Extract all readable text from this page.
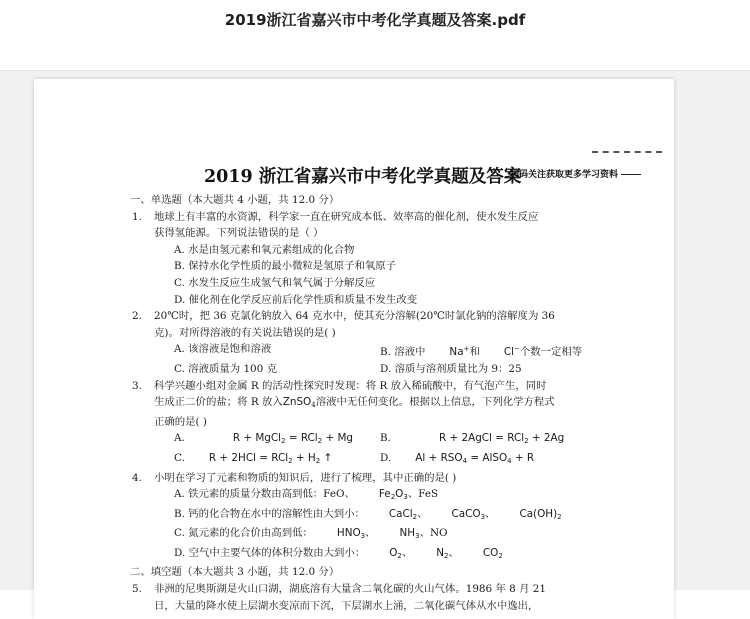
2019浙江省嘉兴市中考化学真题及答案.pdf
2019 浙江省嘉兴市中考化学真题及答案
扫码关注获取更多学习资料
一、单选题（本大题共 4 小题，共 12.0 分）
1. 地球上有丰富的水资源，科学家一直在研究成本低、效率高的催化剂，使水发生反应
获得氢能源。下列说法错误的是（ ）
A. 水是由氢元素和氧元素组成的化合物
B. 保持水化学性质的最小微粒是氢原子和氧原子
C. 水发生反应生成氢气和氧气属于分解反应
D. 催化剂在化学反应前后化学性质和质量不发生改变
2. 20℃时，把 36 克氯化钠放入 64 克水中，使其充分溶解(20℃时氯化钠的溶解度为 36
克)。对所得溶液的有关说法错误的是( )
A. 该溶液是饱和溶液	B. 溶液中 Na+和 Cl−个数一定相等
C. 溶液质量为 100 克	D. 溶质与溶剂质量比为 9：25
3. 科学兴趣小组对金属 R 的活动性探究时发现：将 R 放入稀硫酸中，有气泡产生，同时
生成正二价的盐；将 R 放入ZnSO$_4$溶液中无任何变化。根据以上信息，下列化学方程式
正确的是( )
A.	R + MgCl$_2$ = RCl$_2$ + Mg	B.	R + 2AgCl = RCl$_2$ + 2Ag
C. $R + 2HCl = RCl_2 + H_2$ ↑	D. $Al + RSO_4$ = AlSO$_4$ + R
4. 小明在学习了元素和物质的知识后，进行了梳理，其中正确的是( )
A. 铁元素的质量分数由高到低：FeO、 $Fe_2O_3$、FeS
B. 钙的化合物在水中的溶解性由大到小： CaCl$_2$、 CaCO$_3$、 $Ca(OH)_2$
C. 氮元素的化合价由高到低： $HNO_3$、 $NH_3$、NO
D. 空气中主要气体的体积分数由大到小： $O_2$、 $N_2$、 $CO_2$
二、填空题（本大题共 3 小题，共 12.0 分）
5. 非洲的尼奥斯湖是火山口湖，湖底溶有大量含二氧化碳的火山气体。1986 年 8 月 21
日，大量的降水使上层湖水变凉而下沉，下层湖水上涌，二氧化碳气体从水中逸出，
